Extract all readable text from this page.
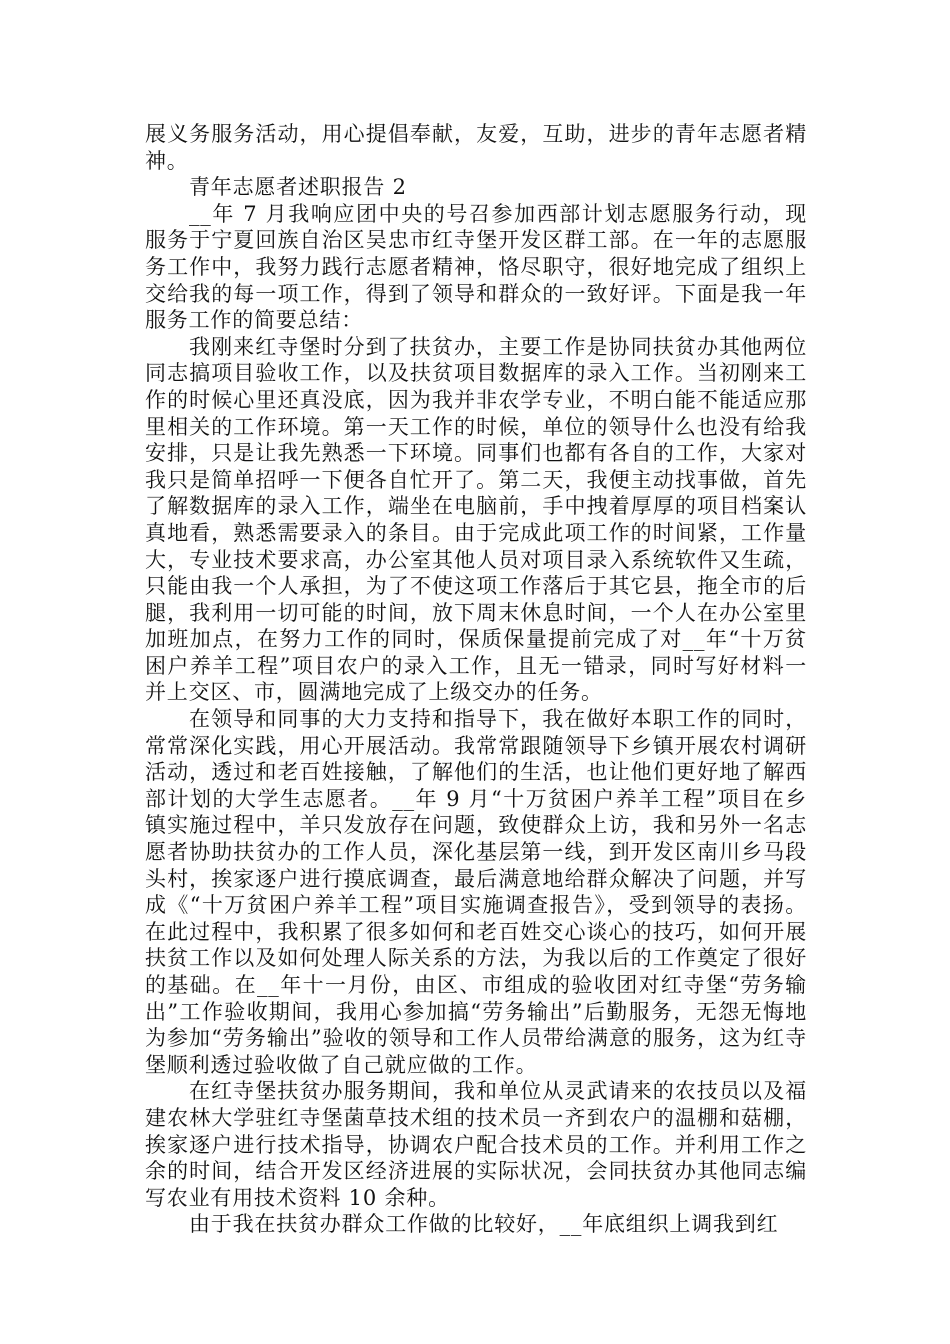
展义务服务活动，用心提倡奉献，友爱，互助，进步的青年志愿者精神。

青年志愿者述职报告 2

__年 7 月我响应团中央的号召参加西部计划志愿服务行动，现服务于宁夏回族自治区吴忠市红寺堡开发区群工部。在一年的志愿服务工作中，我努力践行志愿者精神，恪尽职守，很好地完成了组织上交给我的每一项工作，得到了领导和群众的一致好评。下面是我一年服务工作的简要总结：

我刚来红寺堡时分到了扶贫办，主要工作是协同扶贫办其他两位同志搞项目验收工作，以及扶贫项目数据库的录入工作。当初刚来工作的时候心里还真没底，因为我并非农学专业，不明白能不能适应那里相关的工作环境。第一天工作的时候，单位的领导什么也没有给我安排，只是让我先熟悉一下环境。同事们也都有各自的工作，大家对我只是简单招呼一下便各自忙开了。第二天，我便主动找事做，首先了解数据库的录入工作，端坐在电脑前，手中拽着厚厚的项目档案认真地看，熟悉需要录入的条目。由于完成此项工作的时间紧，工作量大，专业技术要求高，办公室其他人员对项目录入系统软件又生疏，只能由我一个人承担，为了不使这项工作落后于其它县，拖全市的后腿，我利用一切可能的时间，放下周末休息时间，一个人在办公室里加班加点，在努力工作的同时，保质保量提前完成了对__年“十万贫困户养羊工程”项目农户的录入工作，且无一错录，同时写好材料一并上交区、市，圆满地完成了上级交办的任务。

在领导和同事的大力支持和指导下，我在做好本职工作的同时，常常深化实践，用心开展活动。我常常跟随领导下乡镇开展农村调研活动，透过和老百姓接触，了解他们的生活，也让他们更好地了解西部计划的大学生志愿者。__年 9 月“十万贫困户养羊工程”项目在乡镇实施过程中，羊只发放存在问题，致使群众上访，我和另外一名志愿者协助扶贫办的工作人员，深化基层第一线，到开发区南川乡马段头村，挨家逐户进行摸底调查，最后满意地给群众解决了问题，并写成《“十万贫困户养羊工程”项目实施调查报告》，受到领导的表扬。在此过程中，我积累了很多如何和老百姓交心谈心的技巧，如何开展扶贫工作以及如何处理人际关系的方法，为我以后的工作奠定了很好的基础。在__年十一月份，由区、市组成的验收团对红寺堡“劳务输出”工作验收期间，我用心参加搞“劳务输出”后勤服务，无怨无悔地为参加“劳务输出”验收的领导和工作人员带给满意的服务，这为红寺堡顺利透过验收做了自己就应做的工作。

在红寺堡扶贫办服务期间，我和单位从灵武请来的农技员以及福建农林大学驻红寺堡菌草技术组的技术员一齐到农户的温棚和菇棚，挨家逐户进行技术指导，协调农户配合技术员的工作。并利用工作之余的时间，结合开发区经济进展的实际状况，会同扶贫办其他同志编写农业有用技术资料 10 余种。

由于我在扶贫办群众工作做的比较好，__年底组织上调我到红
